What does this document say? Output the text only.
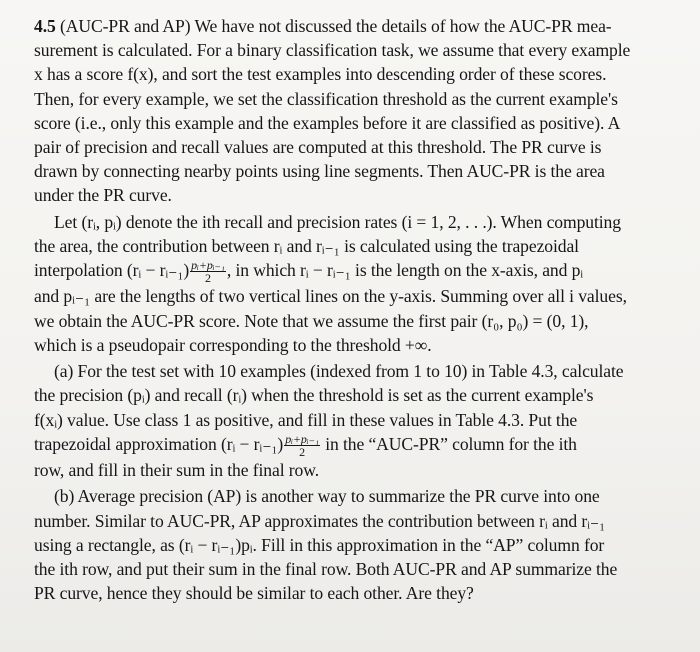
4.5 (AUC-PR and AP) We have not discussed the details of how the AUC-PR mea-
surement is calculated. For a binary classification task, we assume that every example
x has a score f(x), and sort the test examples into descending order of these scores.
Then, for every example, we set the classification threshold as the current example's
score (i.e., only this example and the examples before it are classified as positive). A
pair of precision and recall values are computed at this threshold. The PR curve is
drawn by connecting nearby points using line segments. Then AUC-PR is the area
under the PR curve.

Let (rᵢ, pᵢ) denote the ith recall and precision rates (i = 1, 2, . . .). When computing
the area, the contribution between rᵢ and rᵢ₋₁ is calculated using the trapezoidal
interpolation (rᵢ − rᵢ₋₁) $\frac{\text{pᵢ+pᵢ₋₁}}{2}$ , in which rᵢ − rᵢ₋₁ is the length on the x-axis, and pᵢ
and pᵢ₋₁ are the lengths of two vertical lines on the y-axis. Summing over all i values,
we obtain the AUC-PR score. Note that we assume the first pair (r₀, p₀) = (0, 1),
which is a pseudopair corresponding to the threshold +∞.

(a) For the test set with 10 examples (indexed from 1 to 10) in Table 4.3, calculate
the precision (pᵢ) and recall (rᵢ) when the threshold is set as the current example's
f(xᵢ) value. Use class 1 as positive, and fill in these values in Table 4.3. Put the
trapezoidal approximation (rᵢ − rᵢ₋₁) $\frac{\text{pᵢ+pᵢ₋₁}}{2}$ in the “AUC-PR” column for the ith
row, and fill in their sum in the final row.

(b) Average precision (AP) is another way to summarize the PR curve into one
number. Similar to AUC-PR, AP approximates the contribution between rᵢ and rᵢ₋₁
using a rectangle, as (rᵢ − rᵢ₋₁)pᵢ. Fill in this approximation in the “AP” column for
the ith row, and put their sum in the final row. Both AUC-PR and AP summarize the
PR curve, hence they should be similar to each other. Are they?
